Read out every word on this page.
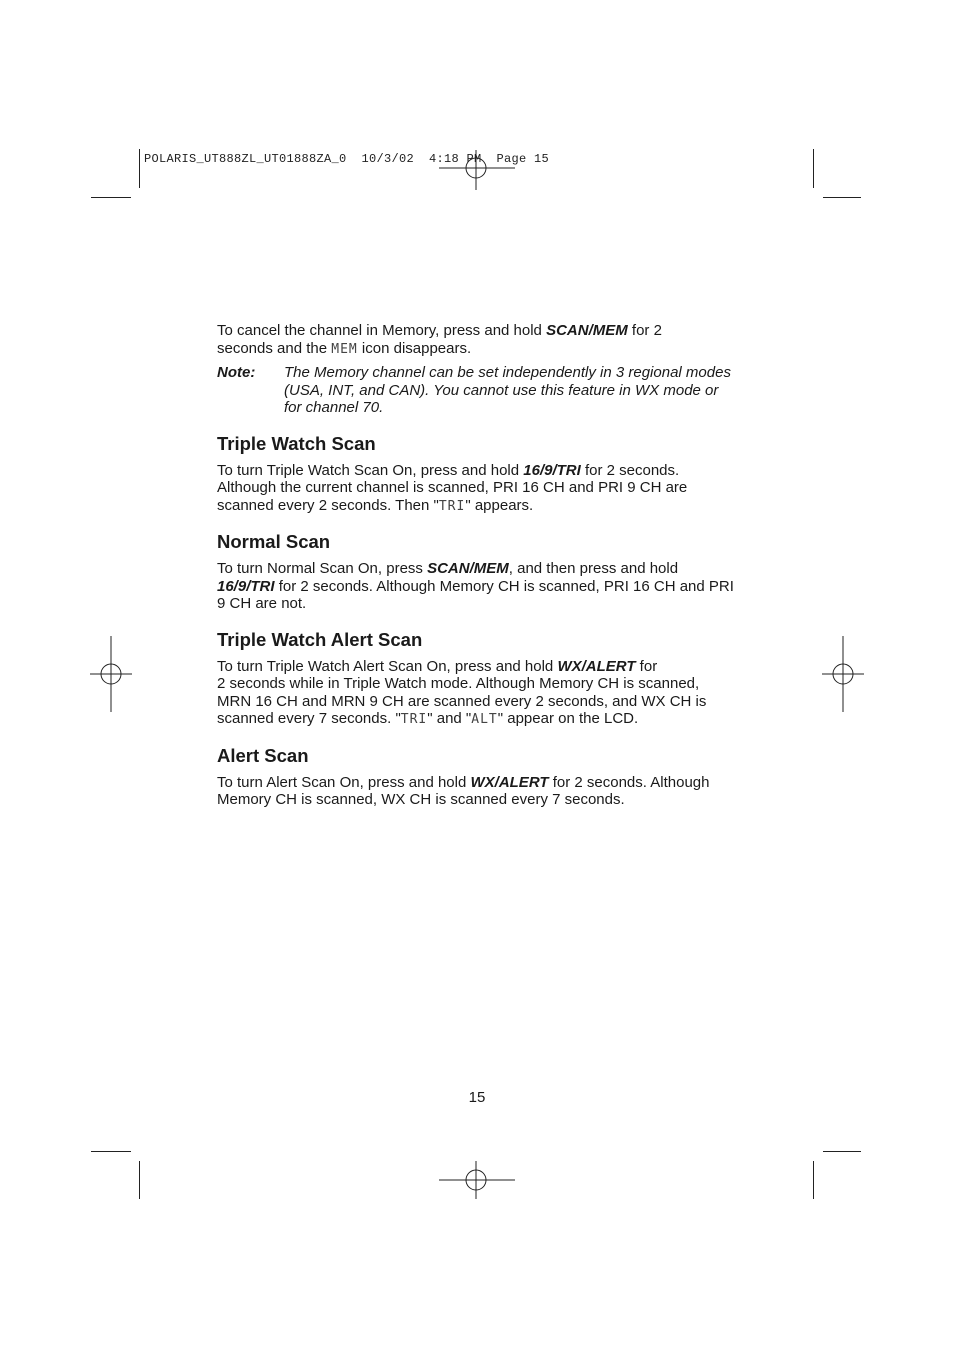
POLARIS_UT888ZL_UT01888ZA_0  10/3/02  4:18 PM  Page 15

To cancel the channel in Memory, press and hold SCAN/MEM for 2
seconds and the MEM icon disappears.

Note: The Memory channel can be set independently in 3 regional modes (USA, INT, and CAN). You cannot use this feature in WX mode or for channel 70.

Triple Watch Scan

To turn Triple Watch Scan On, press and hold 16/9/TRI for 2 seconds. Although the current channel is scanned, PRI 16 CH and PRI 9 CH are scanned every 2 seconds. Then "TRI" appears.

Normal Scan

To turn Normal Scan On, press SCAN/MEM, and then press and hold 16/9/TRI for 2 seconds. Although Memory CH is scanned, PRI 16 CH and PRI 9 CH are not.

Triple Watch Alert Scan

To turn Triple Watch Alert Scan On, press and hold WX/ALERT for
2 seconds while in Triple Watch mode. Although Memory CH is scanned, MRN 16 CH and MRN 9 CH are scanned every 2 seconds, and WX CH is scanned every 7 seconds. "TRI" and "ALT" appear on the LCD.

Alert Scan

To turn Alert Scan On, press and hold WX/ALERT for 2 seconds. Although Memory CH is scanned, WX CH is scanned every 7 seconds.

15
